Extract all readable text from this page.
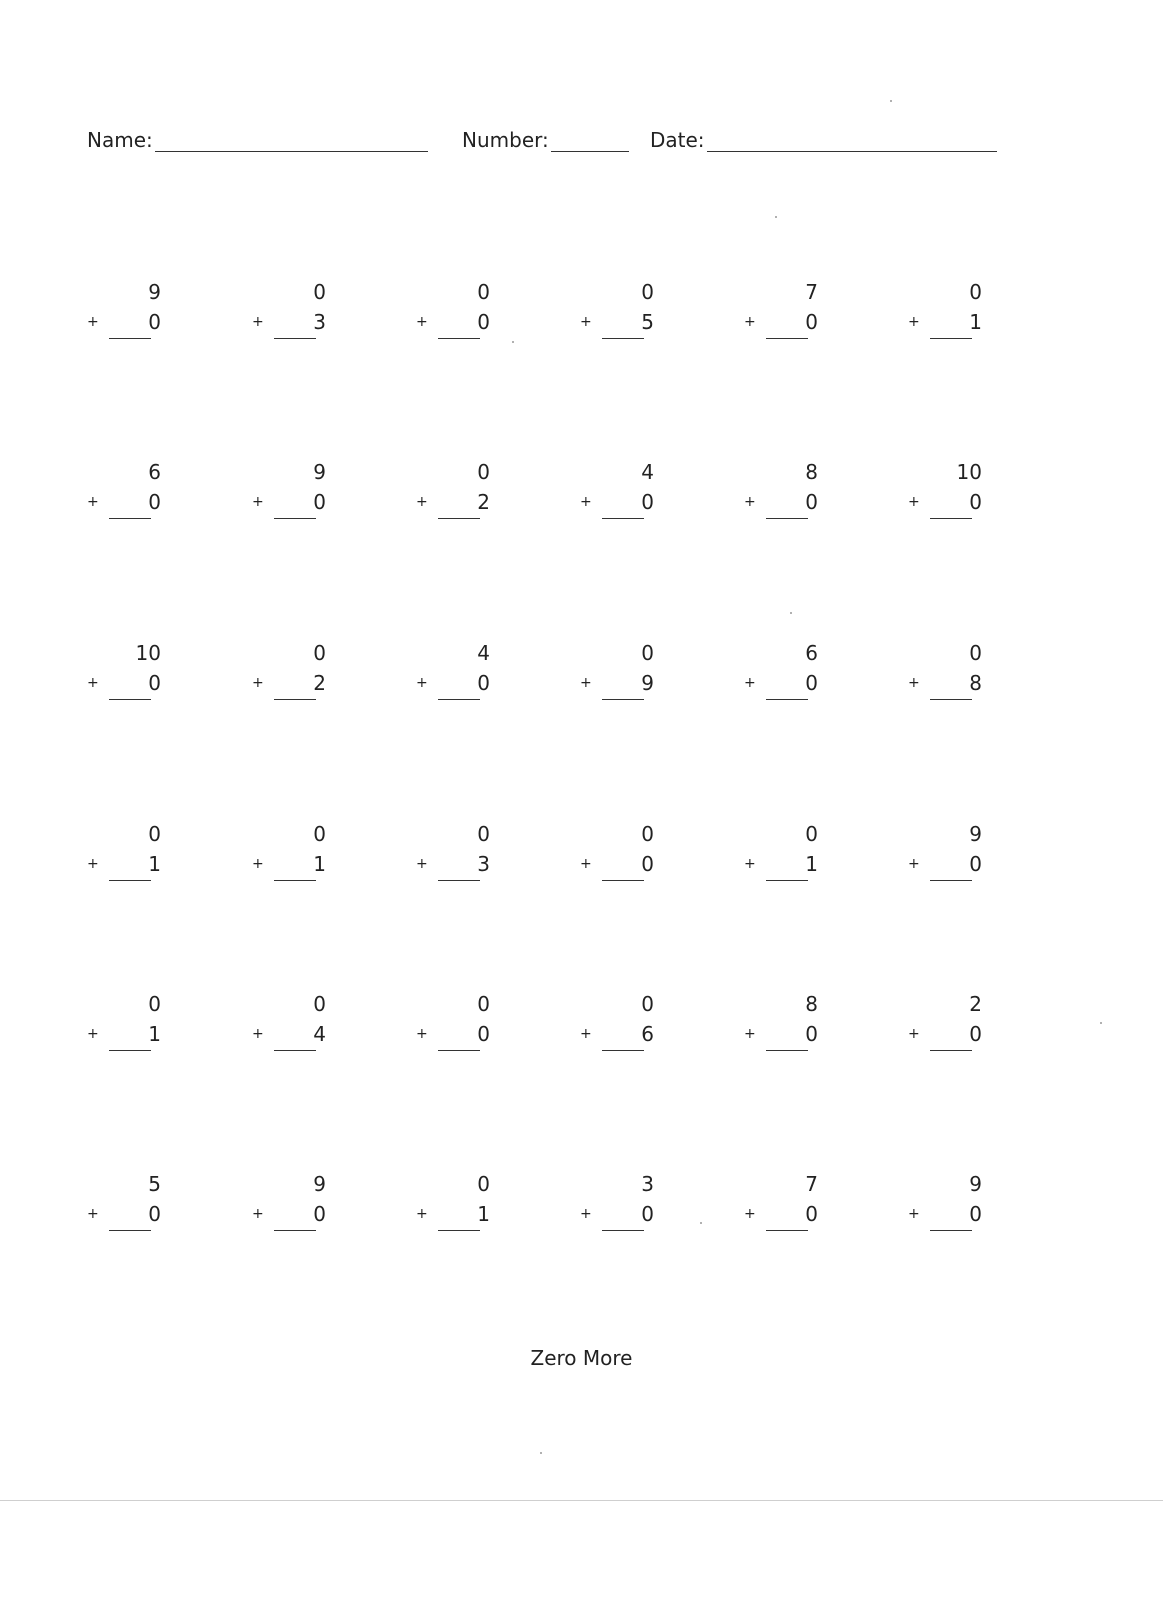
Name:	Number:	Date:
9
+ 0
0
+ 3
0
+ 0
0
+ 5
7
+ 0
0
+ 1
6
+ 0
9
+ 0
0
+ 2
4
+ 0
8
+ 0
10
+ 0
10
+ 0
0
+ 2
4
+ 0
0
+ 9
6
+ 0
0
+ 8
0
+ 1
0
+ 1
0
+ 3
0
+ 0
0
+ 1
9
+ 0
0
+ 1
0
+ 4
0
+ 0
0
+ 6
8
+ 0
2
+ 0
5
+ 0
9
+ 0
0
+ 1
3
+ 0
7
+ 0
9
+ 0
Zero More
